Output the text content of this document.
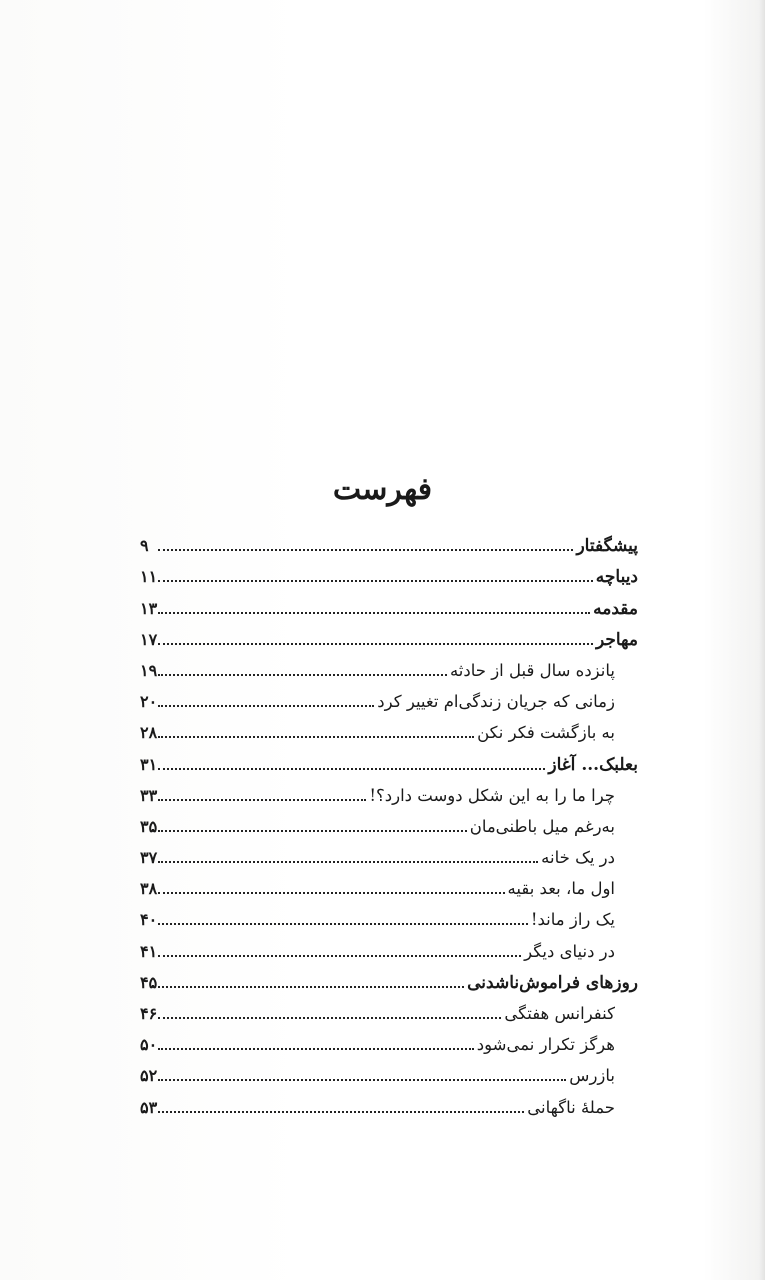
فهرست
پیشگفتار
۹
دیباچه
۱۱
مقدمه
۱۳
مهاجر
۱۷
پانزده سال قبل از حادثه
۱۹
زمانی که جریان زندگی‌ام تغییر کرد
۲۰
به بازگشت فکر نکن
۲۸
بعلبک... آغاز
۳۱
چرا ما را به این شکل دوست دارد؟!
۳۳
به‌رغم میل باطنی‌مان
۳۵
در یک خانه
۳۷
اول ما، بعد بقیه
۳۸
یک راز ماند!
۴۰
در دنیای دیگر
۴۱
روزهای فراموش‌ناشدنی
۴۵
کنفرانس هفتگی
۴۶
هرگز تکرار نمی‌شود
۵۰
بازرس
۵۲
حملهٔ ناگهانی
۵۳
